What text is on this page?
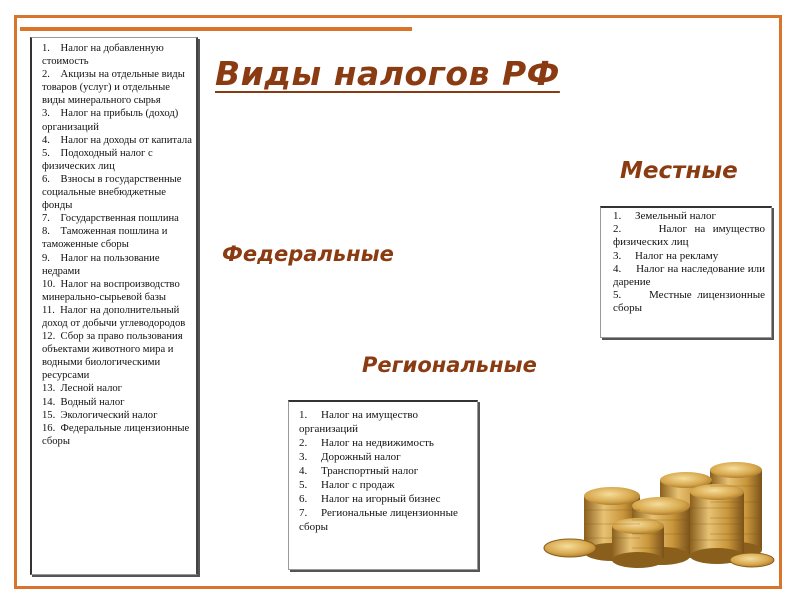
Виды налогов РФ
Местные
Федеральные
Региональные
1.    Налог на добавленную стоимость
2.    Акцизы на отдельные виды товаров (услуг) и отдельные виды минерального сырья
3.    Налог на прибыль (доход) организаций
4.    Налог на доходы от капитала
5.    Подоходный налог с физических лиц
6.    Взносы в государственные социальные внебюджетные фонды
7.    Государственная пошлина
8.    Таможенная пошлина и таможенные сборы
9.    Налог на пользование недрами
10.  Налог на воспроизводство минерально-сырьевой базы
11.  Налог на дополнительный доход от добычи углеводородов
12.  Сбор за право пользования объектами животного мира и водными биологическими ресурсами
13.  Лесной налог
14.  Водный налог
15.  Экологический налог
16.  Федеральные лицензионные сборы
1.     Земельный налог
2.     Налог на имущество физических лиц
3.     Налог на рекламу
4.     Налог на наследование или дарение
5.     Местные лицензионные сборы
1.     Налог на имущество организаций
2.     Налог на недвижимость
3.     Дорожный налог
4.     Транспортный налог
5.     Налог с продаж
6.     Налог на игорный бизнес
7.     Региональные лицензионные сборы
